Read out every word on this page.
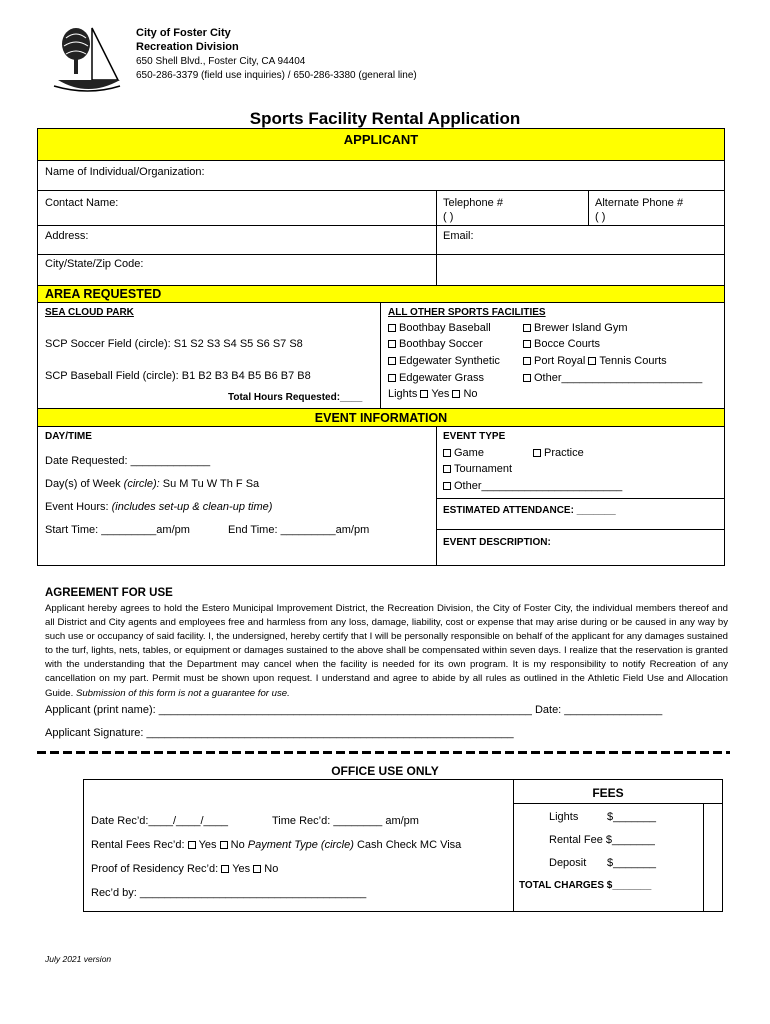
City of Foster City
Recreation Division
650 Shell Blvd., Foster City, CA 94404
650-286-3379 (field use inquiries) / 650-286-3380 (general line)
Sports Facility Rental Application
APPLICANT
Name of Individual/Organization:
Contact Name:	Telephone #
( )
Alternate Phone #
( )
Address:	Email:
City/State/Zip Code:
AREA REQUESTED
SEA CLOUD PARK
SCP Soccer Field (circle): S1 S2 S3 S4 S5 S6 S7 S8
SCP Baseball Field (circle): B1 B2 B3 B4 B5 B6 B7 B8
Total Hours Requested:____
ALL OTHER SPORTS FACILITIES
Boothbay Baseball
Boothbay Soccer
Edgewater Synthetic
Edgewater Grass
Brewer Island Gym
Bocce Courts
Port Royal Tennis Courts
Other_______________________
Lights Yes No
EVENT INFORMATION
DAY/TIME
Date Requested: _____________
Day(s) of Week (circle): Su M Tu W Th F Sa
Event Hours: (includes set-up & clean-up time)
Start Time: _________am/pm	End Time: _________am/pm
EVENT TYPE
Game	Practice
Tournament
Other_______________________
ESTIMATED ATTENDANCE: _______
EVENT DESCRIPTION:
AGREEMENT FOR USE
Applicant hereby agrees to hold the Estero Municipal Improvement District, the Recreation Division, the City of Foster City, the individual members thereof and all District and City agents and employees free and harmless from any loss, damage, liability, cost or expense that may arise during or be caused in any way by such use or occupancy of said facility. I, the undersigned, hereby certify that I will be personally responsible on behalf of the applicant for any damages sustained to the turf, lights, nets, tables, or equipment or damages sustained to the above shall be compensated within seven days. I realize that the reservation is granted with the understanding that the Department may cancel when the facility is needed for its own program. It is my responsibility to notify Recreation of any cancellation on my part. Permit must be shown upon request. I understand and agree to abide by all rules as outlined in the Athletic Field Use and Allocation Guide. Submission of this form is not a guarantee for use.
Applicant (print name): _____________________________________________________________ Date: ________________
Applicant Signature: ____________________________________________________________
OFFICE USE ONLY
Date Rec’d:____/____/____	Time Rec’d: ________ am/pm
Rental Fees Rec’d: Yes No Payment Type (circle) Cash Check MC Visa
Proof of Residency Rec’d: Yes No
Rec’d by: _____________________________________
FEES
Lights	$_______
Rental Fee $_______
Deposit $_______
TOTAL CHARGES $_______
July 2021 version
